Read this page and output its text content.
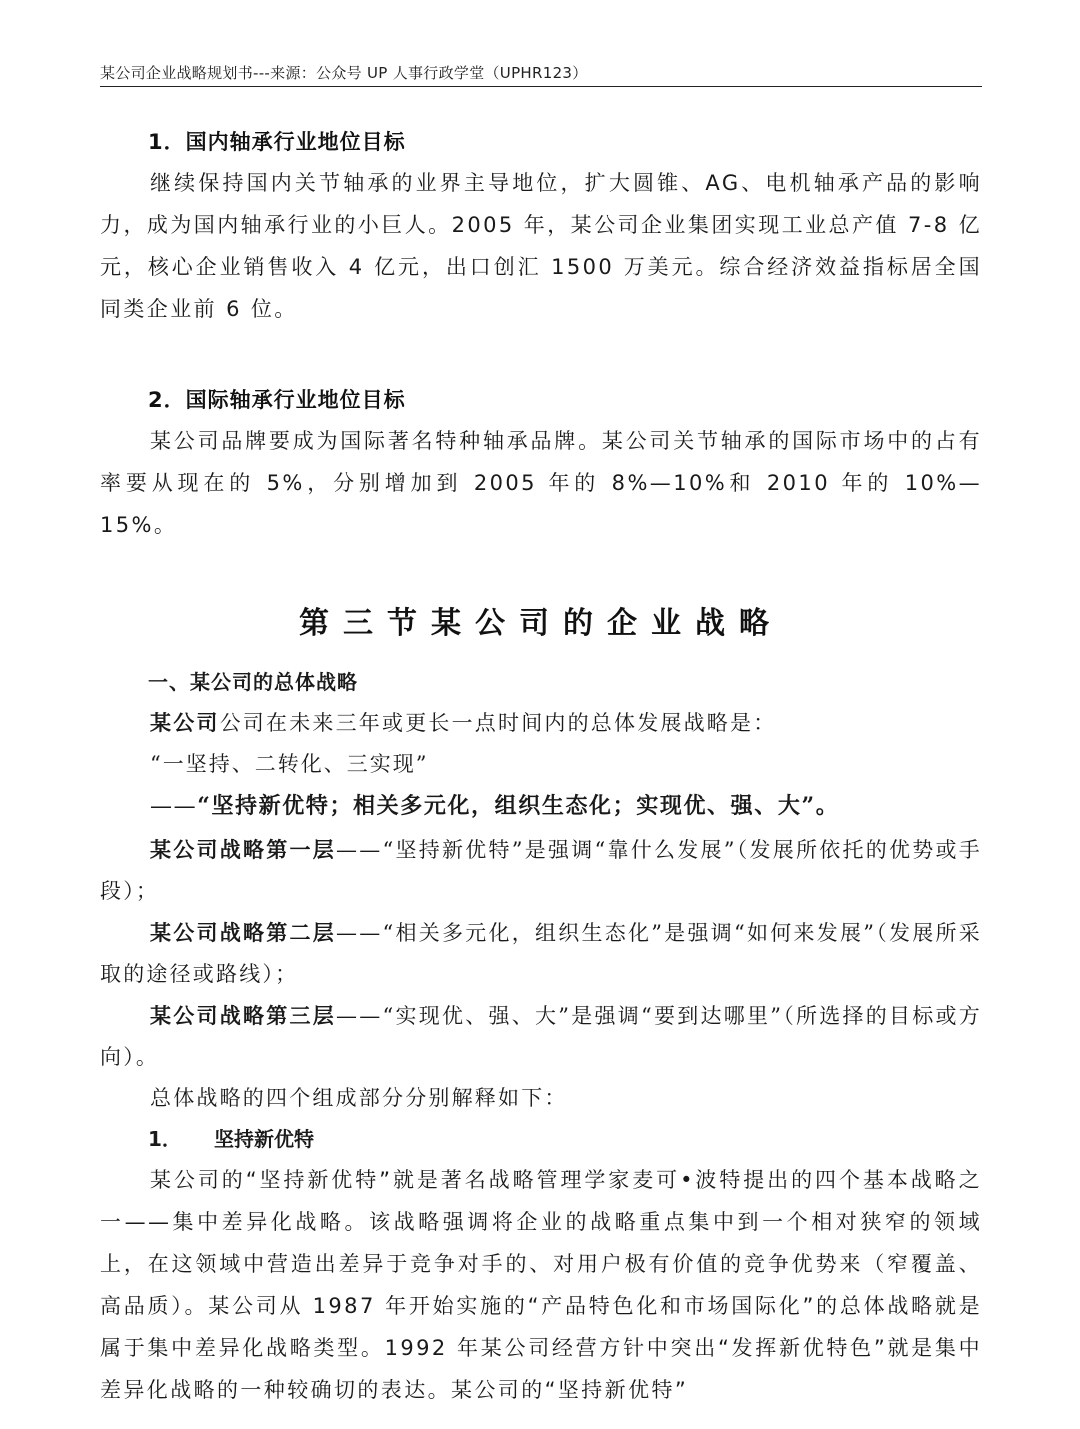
某公司企业战略规划书---来源：公众号 UP 人事行政学堂（UPHR123）
1．国内轴承行业地位目标
继续保持国内关节轴承的业界主导地位，扩大圆锥、AG、电机轴承产品的影响力，成为国内轴承行业的小巨人。2005 年，某公司企业集团实现工业总产值 7-8 亿元，核心企业销售收入 4 亿元，出口创汇 1500 万美元。综合经济效益指标居全国同类企业前 6 位。
2．国际轴承行业地位目标
某公司品牌要成为国际著名特种轴承品牌。某公司关节轴承的国际市场中的占有率要从现在的 5%，分别增加到 2005 年的 8%—10%和 2010 年的 10%—15%。
第三节某公司的企业战略
一、某公司的总体战略
某公司公司在未来三年或更长一点时间内的总体发展战略是：
“一坚持、二转化、三实现”
——“坚持新优特；相关多元化，组织生态化；实现优、强、大”。
某公司战略第一层——“坚持新优特”是强调“靠什么发展”（发展所依托的优势或手段）；
某公司战略第二层——“相关多元化，组织生态化”是强调“如何来发展”（发展所采取的途径或路线）；
某公司战略第三层——“实现优、强、大”是强调“要到达哪里”（所选择的目标或方向）。
总体战略的四个组成部分分别解释如下：
1． 坚持新优特
某公司的“坚持新优特”就是著名战略管理学家麦可•波特提出的四个基本战略之一——集中差异化战略。该战略强调将企业的战略重点集中到一个相对狭窄的领域上，在这领域中营造出差异于竞争对手的、对用户极有价值的竞争优势来（窄覆盖、高品质）。某公司从 1987 年开始实施的“产品特色化和市场国际化”的总体战略就是属于集中差异化战略类型。1992 年某公司经营方针中突出“发挥新优特色”就是集中差异化战略的一种较确切的表达。某公司的“坚持新优特”
